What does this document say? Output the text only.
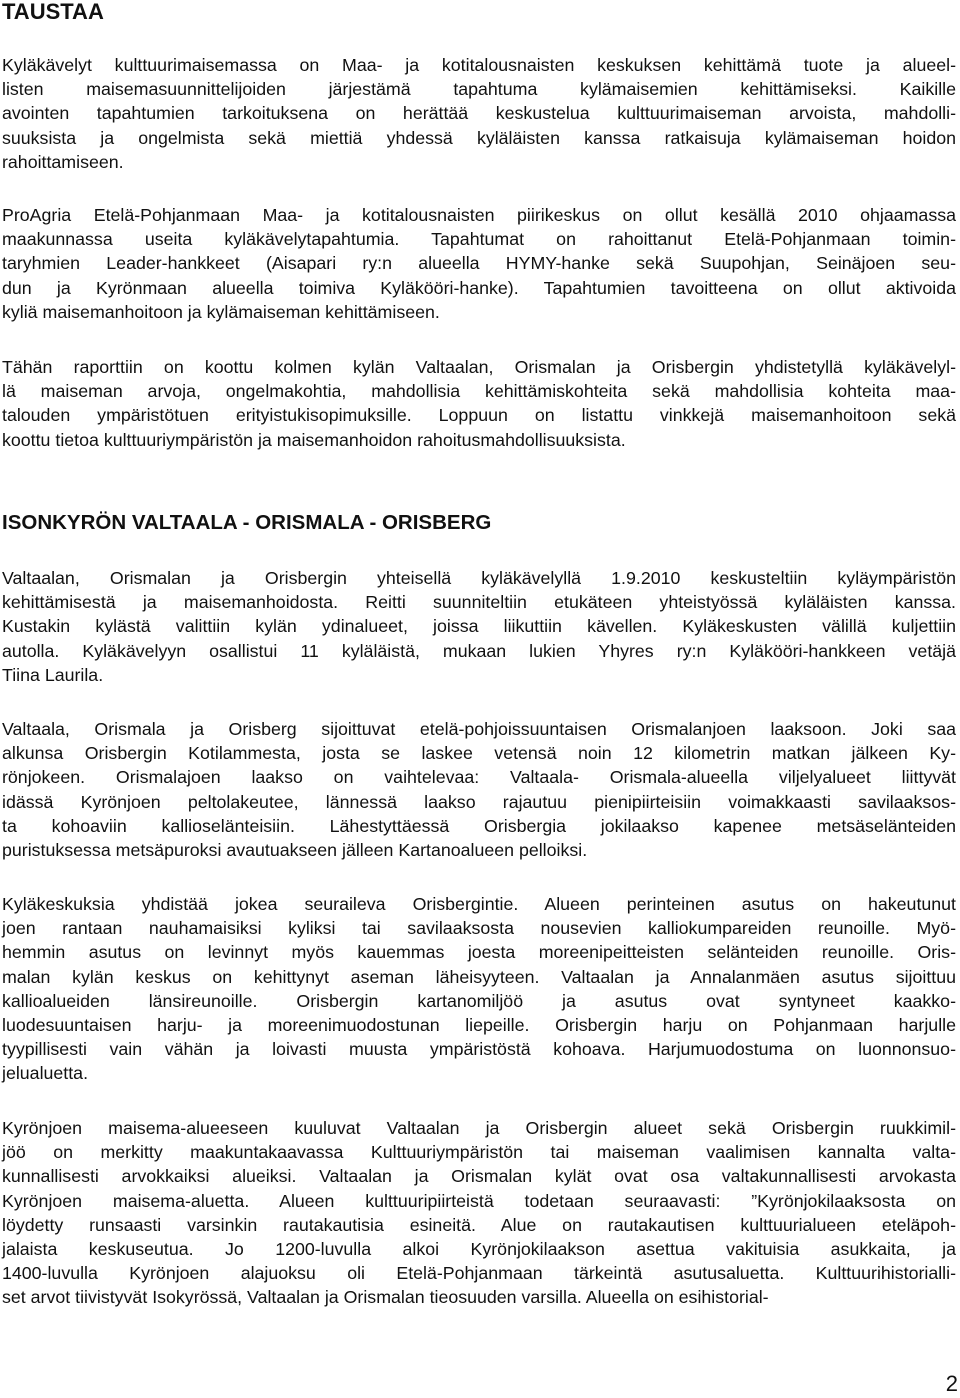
TAUSTAA
Kyläkävelyt kulttuurimaisemassa on Maa- ja kotitalousnaisten keskuksen kehittämä tuote ja alueel-
listen maisemasuunnittelijoiden järjestämä tapahtuma kylämaisemien kehittämiseksi. Kaikille
avointen tapahtumien tarkoituksena on herättää keskustelua kulttuurimaiseman arvoista, mahdolli-
suuksista ja ongelmista sekä miettiä yhdessä kyläläisten kanssa ratkaisuja kylämaiseman hoidon
rahoittamiseen.
ProAgria Etelä-Pohjanmaan Maa- ja kotitalousnaisten piirikeskus on ollut kesällä 2010 ohjaamassa
maakunnassa useita kyläkävelytapahtumia. Tapahtumat on rahoittanut Etelä-Pohjanmaan toimin-
taryhmien Leader-hankkeet (Aisapari ry:n alueella HYMY-hanke sekä Suupohjan, Seinäjoen seu-
dun ja Kyrönmaan alueella toimiva Kyläkööri-hanke). Tapahtumien tavoitteena on ollut aktivoida
kyliä maisemanhoitoon ja kylämaiseman kehittämiseen.
Tähän raporttiin on koottu kolmen kylän Valtaalan, Orismalan ja Orisbergin yhdistetyllä kyläkävelyl-
lä maiseman arvoja, ongelmakohtia, mahdollisia kehittämiskohteita sekä mahdollisia kohteita maa-
talouden ympäristötuen erityistukisopimuksille. Loppuun on listattu vinkkejä maisemanhoitoon sekä
koottu tietoa kulttuuriympäristön ja maisemanhoidon rahoitusmahdollisuuksista.
ISONKYRÖN VALTAALA - ORISMALA - ORISBERG
Valtaalan, Orismalan ja Orisbergin yhteisellä kyläkävelyllä 1.9.2010 keskusteltiin kyläympäristön
kehittämisestä ja maisemanhoidosta. Reitti suunniteltiin etukäteen yhteistyössä kyläläisten kanssa.
Kustakin kylästä valittiin kylän ydinalueet, joissa liikuttiin kävellen. Kyläkeskusten välillä kuljettiin
autolla. Kyläkävelyyn osallistui 11 kyläläistä, mukaan lukien Yhyres ry:n Kyläkööri-hankkeen vetäjä
Tiina Laurila.
Valtaala, Orismala ja Orisberg sijoittuvat etelä-pohjoissuuntaisen Orismalanjoen laaksoon. Joki saa
alkunsa Orisbergin Kotilammesta, josta se laskee vetensä noin 12 kilometrin matkan jälkeen Ky-
rönjokeen. Orismalajoen laakso on vaihtelevaa: Valtaala- Orismala-alueella viljelyalueet liittyvät
idässä Kyrönjoen peltolakeutee, lännessä laakso rajautuu pienipiirteisiin voimakkaasti savilaaksos-
ta kohoaviin kallioselänteisiin. Lähestyttäessä Orisbergia jokilaakso kapenee metsäselänteiden
puristuksessa metsäpuroksi avautuakseen jälleen Kartanoalueen pelloiksi.
Kyläkeskuksia yhdistää jokea seuraileva Orisbergintie. Alueen perinteinen asutus on hakeutunut
joen rantaan nauhamaisiksi kyliksi tai savilaaksosta nousevien kalliokumpareiden reunoille. Myö-
hemmin asutus on levinnyt myös kauemmas joesta moreenipeitteisten selänteiden reunoille. Oris-
malan kylän keskus on kehittynyt aseman läheisyyteen. Valtaalan ja Annalanmäen asutus sijoittuu
kallioalueiden länsireunoille. Orisbergin kartanomiljöö ja asutus ovat syntyneet kaakko-
luodesuuntaisen harju- ja moreenimuodostunan liepeille. Orisbergin harju on Pohjanmaan harjulle
tyypillisesti vain vähän ja loivasti muusta ympäristöstä kohoava. Harjumuodostuma on luonnonsuo-
jelualuetta.
Kyrönjoen maisema-alueeseen kuuluvat Valtaalan ja Orisbergin alueet sekä Orisbergin ruukkimil-
jöö on merkitty maakuntakaavassa Kulttuuriympäristön tai maiseman vaalimisen kannalta valta-
kunnallisesti arvokkaiksi alueiksi. Valtaalan ja Orismalan kylät ovat osa valtakunnallisesti arvokasta
Kyrönjoen maisema-aluetta. Alueen kulttuuripiirteistä todetaan seuraavasti: ”Kyrönjokilaaksosta on
löydetty runsaasti varsinkin rautakautisia esineitä. Alue on rautakautisen kulttuurialueen eteläpoh-
jalaista keskuseutua. Jo 1200-luvulla alkoi Kyrönjokilaakson asettua vakituisia asukkaita, ja
1400-luvulla Kyrönjoen alajuoksu oli Etelä-Pohjanmaan tärkeintä asutusaluetta. Kulttuurihistorialli-
set arvot tiivistyvät Isokyrössä, Valtaalan ja Orismalan tieosuuden varsilla. Alueella on esihistorial-
2
